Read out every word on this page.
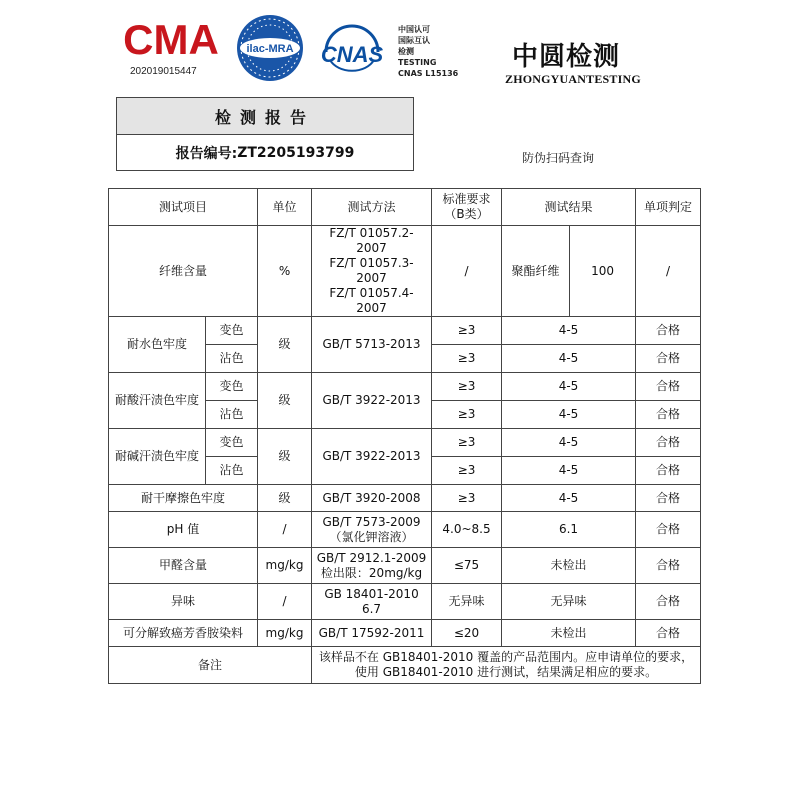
CMA
202019015447
ilac-MRA CNAS
中国认可
国际互认
检测
TESTING
CNAS L15136
中圆检测
ZHONGYUANTESTING
检测报告
报告编号: ZT2205193799	防伪扫码查询
测试项目		单位	测试方法	标准要求
（B类）	测试结果		单项判定
纤维含量		%	FZ/T 01057.2-2007
FZ/T 01057.3-2007
FZ/T 01057.4-2007	/	聚酯纤维	100	/
耐水色牢度	变色	级	GB/T 5713-2013	≥3	4-5		合格
	沾色			≥3	4-5		合格
耐酸汗渍色牢度	变色	级	GB/T 3922-2013	≥3	4-5		合格
	沾色			≥3	4-5		合格
耐碱汗渍色牢度	变色	级	GB/T 3922-2013	≥3	4-5		合格
	沾色			≥3	4-5		合格
耐干摩擦色牢度		级	GB/T 3920-2008	≥3	4-5		合格
pH 值		/	GB/T 7573-2009
（氯化钾溶液）	4.0~8.5	6.1		合格
甲醛含量		mg/kg	GB/T 2912.1-2009
检出限：20mg/kg	≤75	未检出		合格
异味		/	GB 18401-2010
6.7	无异味	无异味		合格
可分解致癌芳香胺染料		mg/kg	GB/T 17592-2011	≤20	未检出		合格
备注			该样品不在 GB18401-2010 覆盖的产品范围内。应申请单位的要求，使用 GB18401-2010 进行测试，结果满足相应的要求。				
